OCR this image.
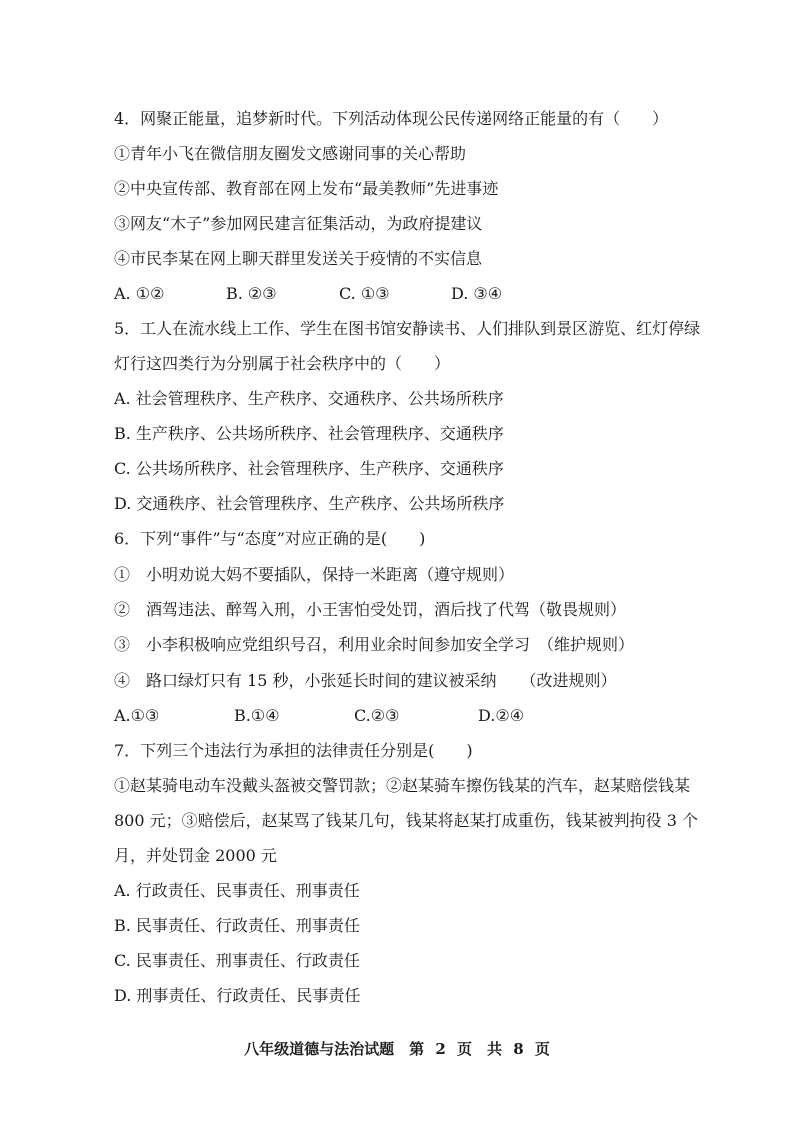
4．网聚正能量，追梦新时代。下列活动体现公民传递网络正能量的有（　　）
①青年小飞在微信朋友圈发文感谢同事的关心帮助
②中央宣传部、教育部在网上发布“最美教师”先进事迹
③网友“木子”参加网民建言征集活动，为政府提建议
④市民李某在网上聊天群里发送关于疫情的不实信息
A. ①②	B. ②③	C. ①③	D. ③④
5．工人在流水线上工作、学生在图书馆安静读书、人们排队到景区游览、红灯停绿灯行这四类行为分别属于社会秩序中的（　　）
A. 社会管理秩序、生产秩序、交通秩序、公共场所秩序
B. 生产秩序、公共场所秩序、社会管理秩序、交通秩序
C. 公共场所秩序、社会管理秩序、生产秩序、交通秩序
D. 交通秩序、社会管理秩序、生产秩序、公共场所秩序
6．下列“事件”与“态度”对应正确的是(　　)
①　小明劝说大妈不要插队，保持一米距离（遵守规则）
②　酒驾违法、醉驾入刑，小王害怕受处罚，酒后找了代驾（敬畏规则）
③　小李积极响应党组织号召，利用业余时间参加安全学习　（维护规则）
④　路口绿灯只有 15 秒，小张延长时间的建议被采纳　　（改进规则）
A.①③	B.①④	C.②③	D.②④
7．下列三个违法行为承担的法律责任分别是(　　)
①赵某骑电动车没戴头盔被交警罚款；②赵某骑车擦伤钱某的汽车，赵某赔偿钱某 800 元；③赔偿后，赵某骂了钱某几句，钱某将赵某打成重伤，钱某被判拘役 3 个月，并处罚金 2000 元
A. 行政责任、民事责任、刑事责任
B. 民事责任、行政责任、刑事责任
C. 民事责任、刑事责任、行政责任
D. 刑事责任、行政责任、民事责任
八年级道德与法治试题　第 2 页　共 8 页
